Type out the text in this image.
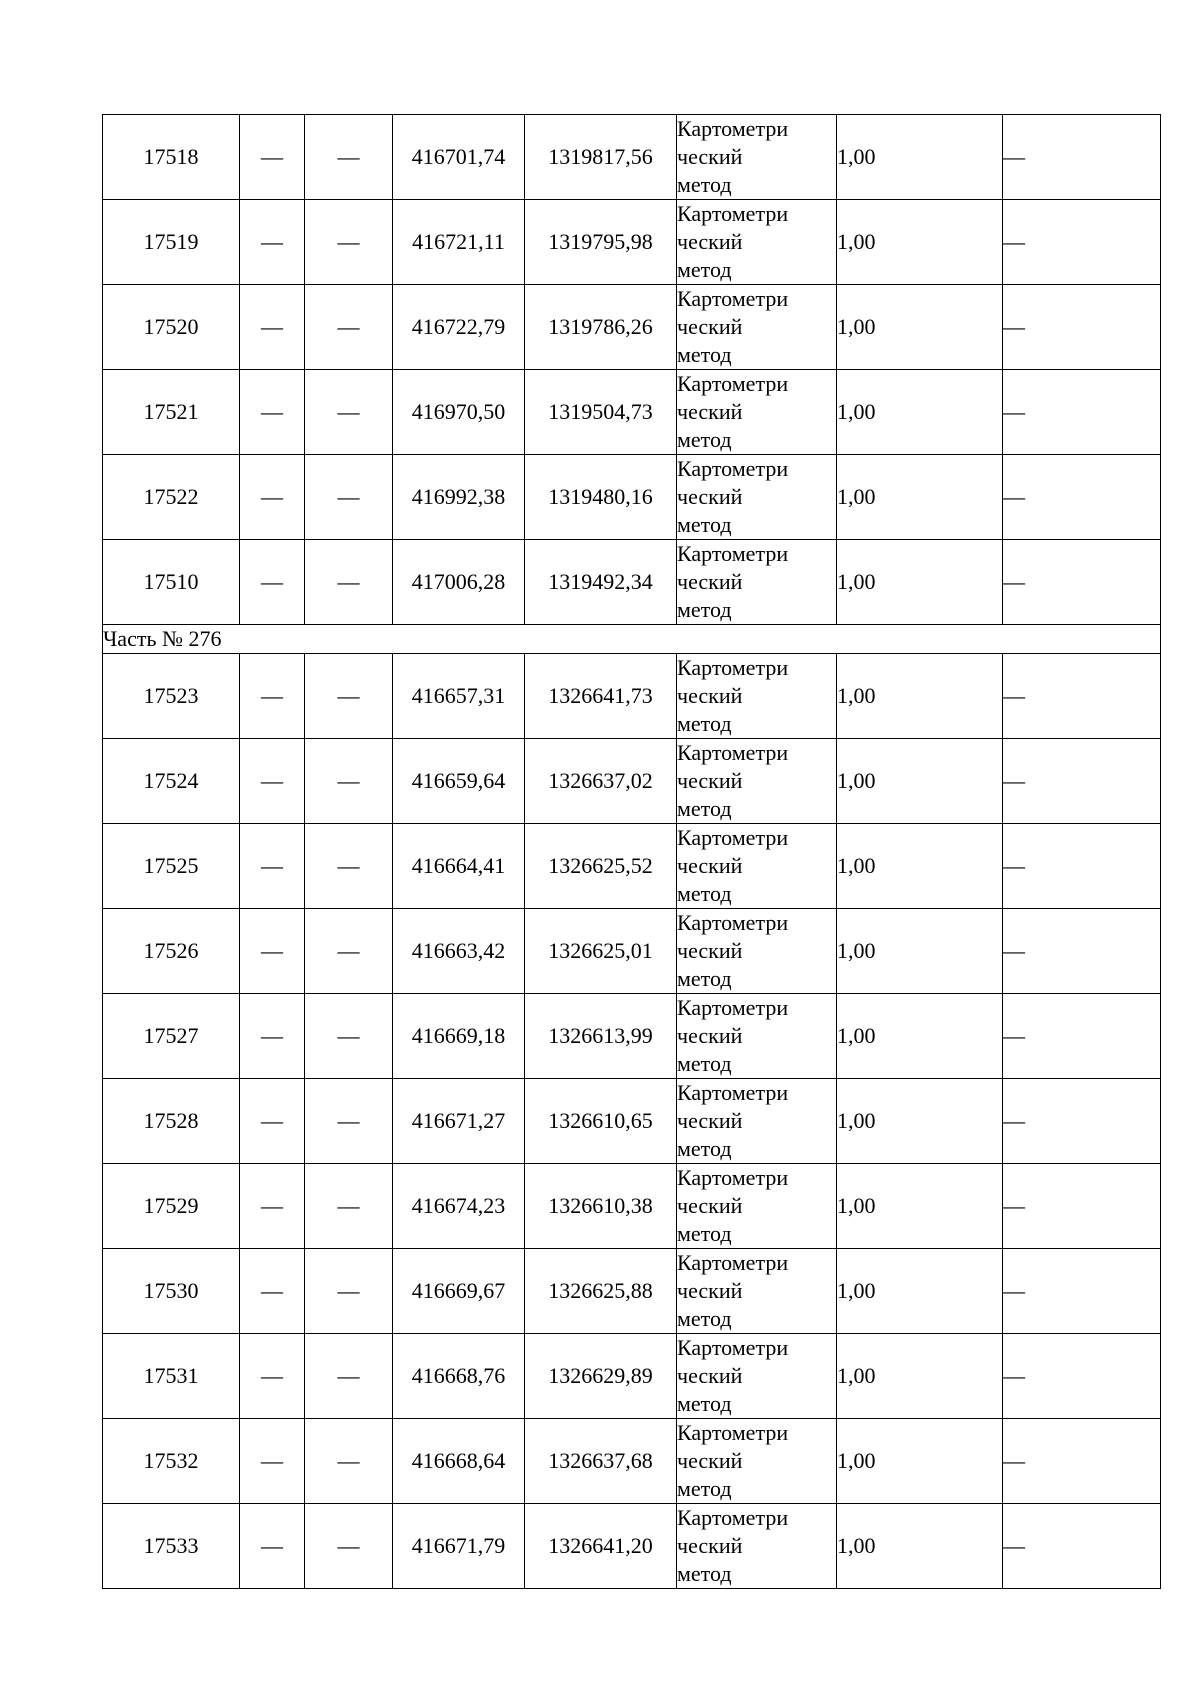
17518	—	—	416701,74	1319817,56	Картометри
ческий
метод	1,00	—
17519	—	—	416721,11	1319795,98	Картометри
ческий
метод	1,00	—
17520	—	—	416722,79	1319786,26	Картометри
ческий
метод	1,00	—
17521	—	—	416970,50	1319504,73	Картометри
ческий
метод	1,00	—
17522	—	—	416992,38	1319480,16	Картометри
ческий
метод	1,00	—
17510	—	—	417006,28	1319492,34	Картометри
ческий
метод	1,00	—
Часть № 276							
17523	—	—	416657,31	1326641,73	Картометри
ческий
метод	1,00	—
17524	—	—	416659,64	1326637,02	Картометри
ческий
метод	1,00	—
17525	—	—	416664,41	1326625,52	Картометри
ческий
метод	1,00	—
17526	—	—	416663,42	1326625,01	Картометри
ческий
метод	1,00	—
17527	—	—	416669,18	1326613,99	Картометри
ческий
метод	1,00	—
17528	—	—	416671,27	1326610,65	Картометри
ческий
метод	1,00	—
17529	—	—	416674,23	1326610,38	Картометри
ческий
метод	1,00	—
17530	—	—	416669,67	1326625,88	Картометри
ческий
метод	1,00	—
17531	—	—	416668,76	1326629,89	Картометри
ческий
метод	1,00	—
17532	—	—	416668,64	1326637,68	Картометри
ческий
метод	1,00	—
17533	—	—	416671,79	1326641,20	Картометри
ческий
метод	1,00	—
